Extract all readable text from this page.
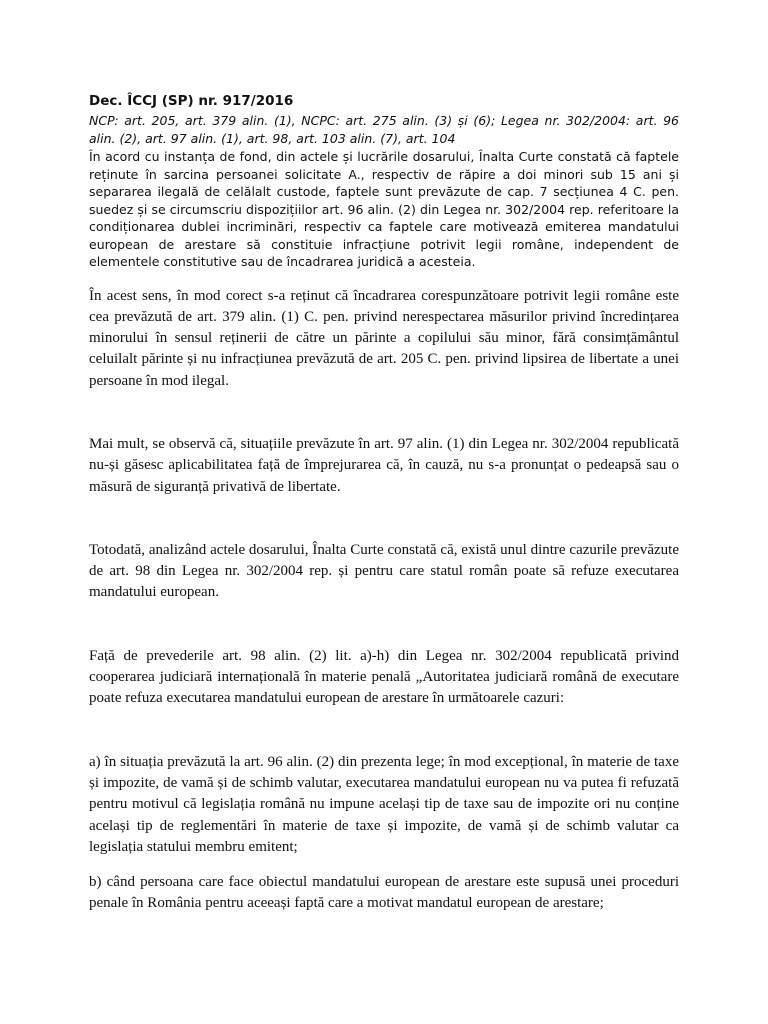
Dec. ÎCCJ (SP) nr. 917/2016

NCP: art. 205, art. 379 alin. (1), NCPC: art. 275 alin. (3) și (6); Legea nr. 302/2004: art. 96 alin. (2), art. 97 alin. (1), art. 98, art. 103 alin. (7), art. 104

În acord cu instanța de fond, din actele și lucrările dosarului, Înalta Curte constată că faptele reținute în sarcina persoanei solicitate A., respectiv de răpire a doi minori sub 15 ani și separarea ilegală de celălalt custode, faptele sunt prevăzute de cap. 7 secțiunea 4 C. pen. suedez și se circumscriu dispozițiilor art. 96 alin. (2) din Legea nr. 302/2004 rep. referitoare la condiționarea dublei incriminări, respectiv ca faptele care motivează emiterea mandatului european de arestare să constituie infracțiune potrivit legii române, independent de elementele constitutive sau de încadrarea juridică a acesteia.

În acest sens, în mod corect s-a reținut că încadrarea corespunzătoare potrivit legii române este cea prevăzută de art. 379 alin. (1) C. pen. privind nerespectarea măsurilor privind încredințarea minorului în sensul reținerii de către un părinte a copilului său minor, fără consimțământul celuilalt părinte și nu infracțiunea prevăzută de art. 205 C. pen. privind lipsirea de libertate a unei persoane în mod ilegal.

Mai mult, se observă că, situațiile prevăzute în art. 97 alin. (1) din Legea nr. 302/2004 republicată nu-și găsesc aplicabilitatea față de împrejurarea că, în cauză, nu s-a pronunțat o pedeapsă sau o măsură de siguranță privativă de libertate.

Totodată, analizând actele dosarului, Înalta Curte constată că, există unul dintre cazurile prevăzute de art. 98 din Legea nr. 302/2004 rep. și pentru care statul român poate să refuze executarea mandatului european.

Față de prevederile art. 98 alin. (2) lit. a)-h) din Legea nr. 302/2004 republicată privind cooperarea judiciară internațională în materie penală „Autoritatea judiciară română de executare poate refuza executarea mandatului european de arestare în următoarele cazuri:

a) în situația prevăzută la art. 96 alin. (2) din prezenta lege; în mod excepțional, în materie de taxe și impozite, de vamă și de schimb valutar, executarea mandatului european nu va putea fi refuzată pentru motivul că legislația română nu impune același tip de taxe sau de impozite ori nu conține același tip de reglementări în materie de taxe și impozite, de vamă și de schimb valutar ca legislația statului membru emitent;

b) când persoana care face obiectul mandatului european de arestare este supusă unei proceduri penale în România pentru aceeași faptă care a motivat mandatul european de arestare;
